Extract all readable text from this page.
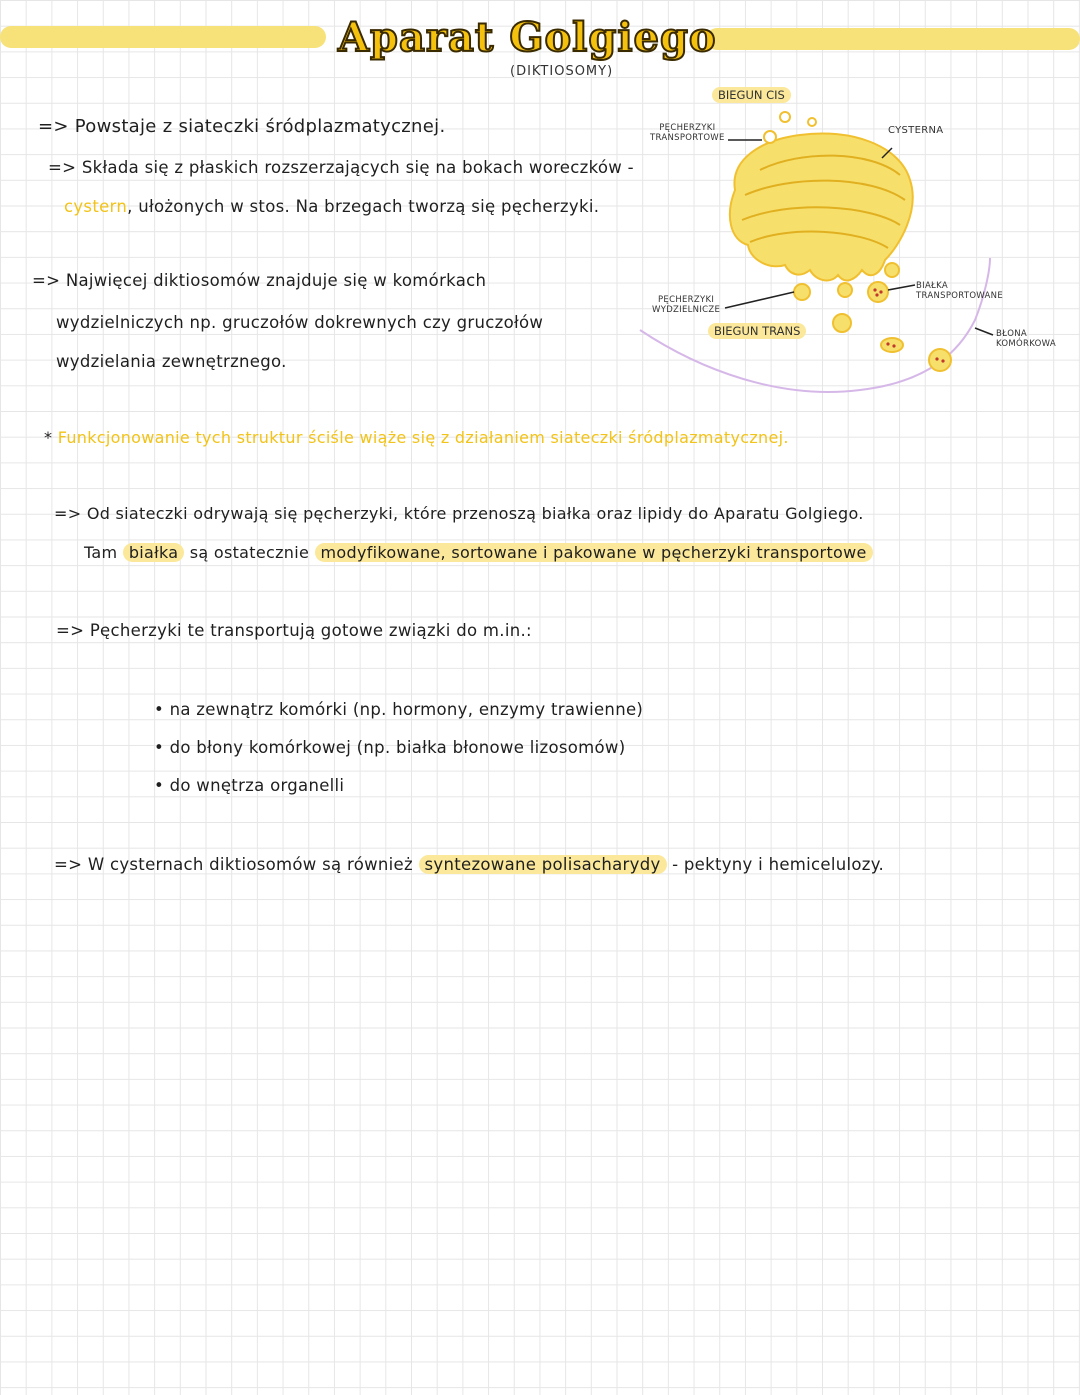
Aparat Golgiego
(DIKTIOSOMY)
BIEGUN CIS
BIEGUN TRANS
PĘCHERZYKI
TRANSPORTOWE
PĘCHERZYKI
WYDZIELNICZE
CYSTERNA
BIAŁKA
TRANSPORTOWANE
BŁONA
KOMÓRKOWA
=> Powstaje z siateczki śródplazmatycznej.
=> Składa się z płaskich rozszerzających się na bokach woreczków -
cystern, ułożonych w stos. Na brzegach tworzą się pęcherzyki.
=> Najwięcej diktiosomów znajduje się w komórkach
wydzielniczych np. gruczołów dokrewnych czy gruczołów
wydzielania zewnętrznego.
* Funkcjonowanie tych struktur ściśle wiąże się z działaniem siateczki śródplazmatycznej.
=> Od siateczki odrywają się pęcherzyki, które przenoszą białka oraz lipidy do Aparatu Golgiego.
Tam białka są ostatecznie modyfikowane, sortowane i pakowane w pęcherzyki transportowe
=> Pęcherzyki te transportują gotowe związki do m.in.:
• na zewnątrz komórki (np. hormony, enzymy trawienne)
• do błony komórkowej (np. białka błonowe lizosomów)
• do wnętrza organelli
=> W cysternach diktiosomów są również syntezowane polisacharydy - pektyny i hemicelulozy.
